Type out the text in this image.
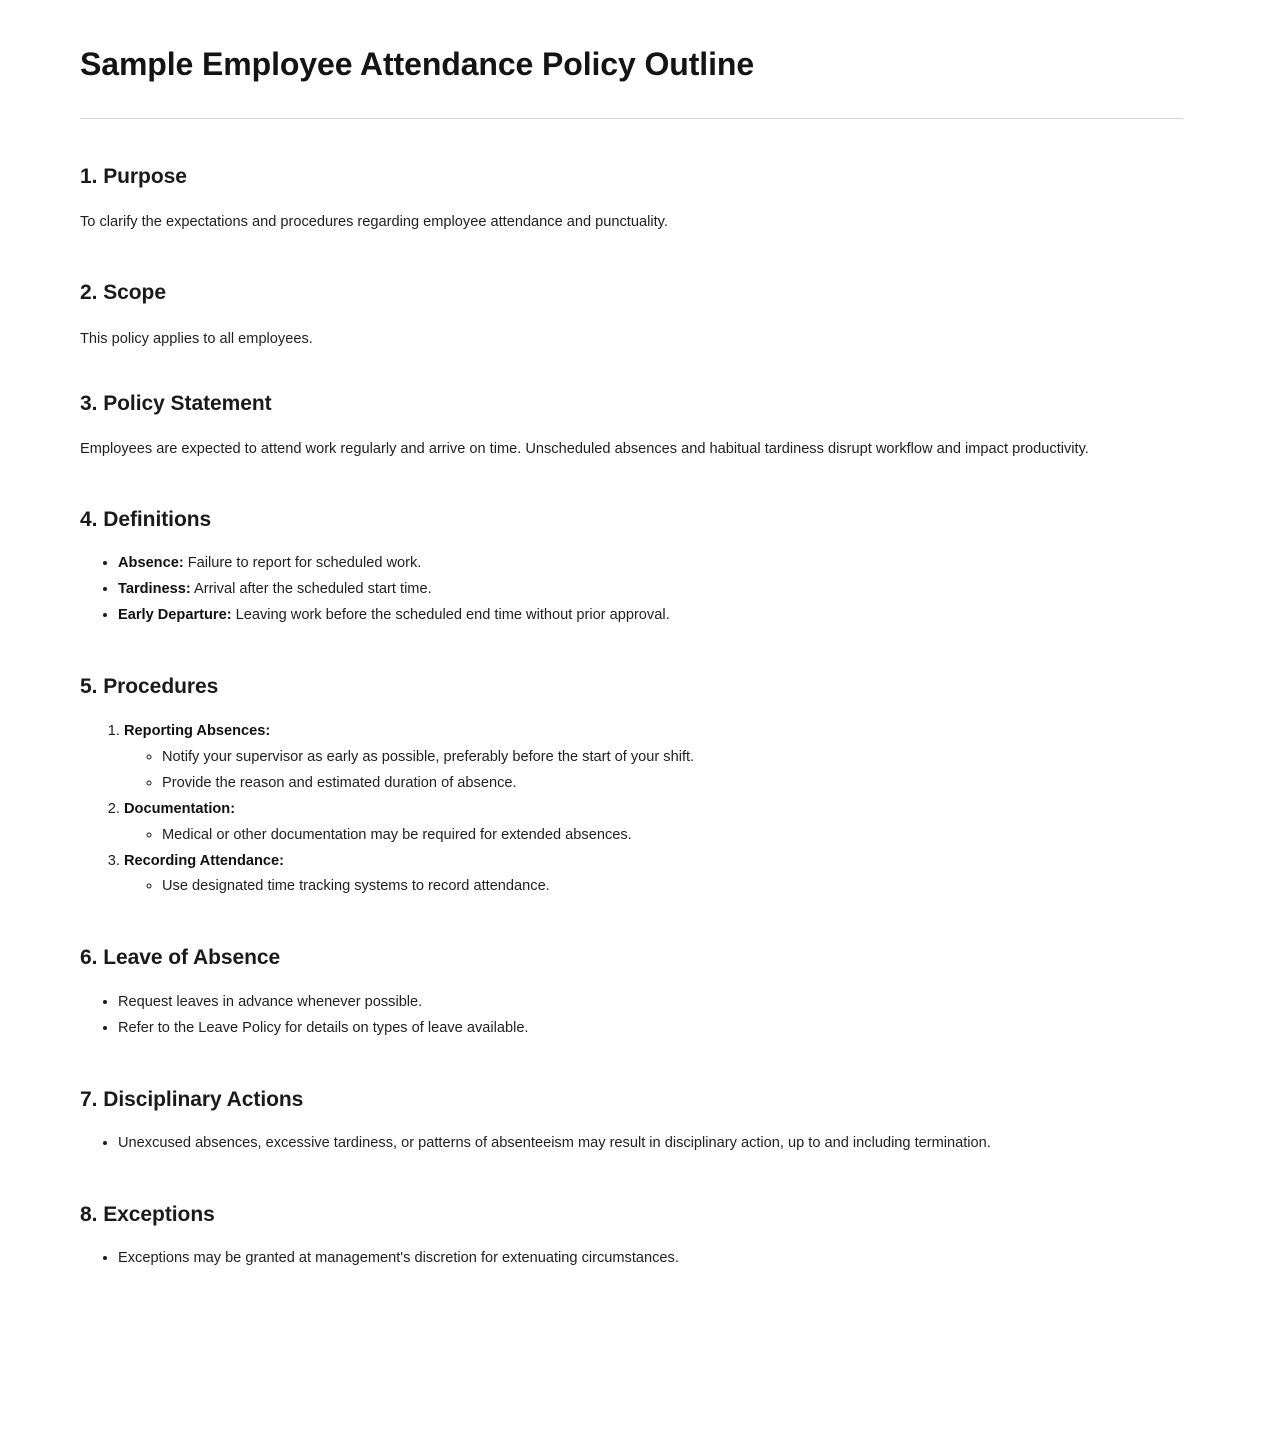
Sample Employee Attendance Policy Outline
1. Purpose

To clarify the expectations and procedures regarding employee attendance and punctuality.

2. Scope

This policy applies to all employees.

3. Policy Statement

Employees are expected to attend work regularly and arrive on time. Unscheduled absences and habitual tardiness disrupt workflow and impact productivity.

4. Definitions
• Absence: Failure to report for scheduled work.
• Tardiness: Arrival after the scheduled start time.
• Early Departure: Leaving work before the scheduled end time without prior approval.
5. Procedures
1. Reporting Absences:
◦ Notify your supervisor as early as possible, preferably before the start of your shift.
◦ Provide the reason and estimated duration of absence.
2. Documentation:
◦ Medical or other documentation may be required for extended absences.
3. Recording Attendance:
◦ Use designated time tracking systems to record attendance.
6. Leave of Absence
• Request leaves in advance whenever possible.
• Refer to the Leave Policy for details on types of leave available.
7. Disciplinary Actions
• Unexcused absences, excessive tardiness, or patterns of absenteeism may result in disciplinary action, up to and including termination.
8. Exceptions
• Exceptions may be granted at management's discretion for extenuating circumstances.
